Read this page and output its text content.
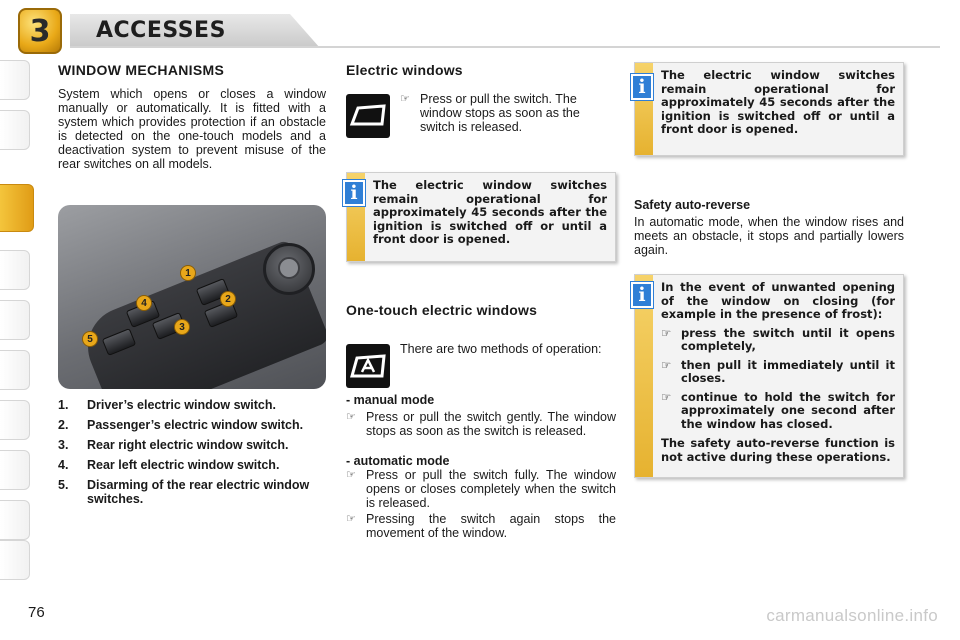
3	ACCESSES
WINDOW MECHANISMS
System which opens or closes a window manually or automatically. It is fitted with a system which provides protection if an obstacle is detected on the one-touch models and a deactivation system to prevent misuse of the rear switches on all models.
1
2
3
4
5
1.	Driver’s electric window switch.
2.	Passenger’s electric window switch.
3.	Rear right electric window switch.
4.	Rear left electric window switch.
5.	Disarming of the rear electric window switches.
Electric windows
☞ Press or pull the switch. The window stops as soon as the switch is released.
The electric window switches remain operational for approximately 45 seconds after the ignition is switched off or until a front door is opened.
i
One-touch electric windows
There are two methods of operation:
- manual mode
☞ Press or pull the switch gently. The window stops as soon as the switch is released.
- automatic mode
☞ Press or pull the switch fully. The window opens or closes completely when the switch is released.
☞ Pressing the switch again stops the movement of the window.
The electric window switches remain operational for approximately 45 seconds after the ignition is switched off or until a front door is opened.
i
Safety auto-reverse
In automatic mode, when the window rises and meets an obstacle, it stops and partially lowers again.
In the event of unwanted opening of the window on closing (for example in the presence of frost):
☞ press the switch until it opens completely,
☞ then pull it immediately until it closes.
☞ continue to hold the switch for approximately one second after the window has closed.
The safety auto-reverse function is not active during these operations.
i
76	carmanualsonline.info
